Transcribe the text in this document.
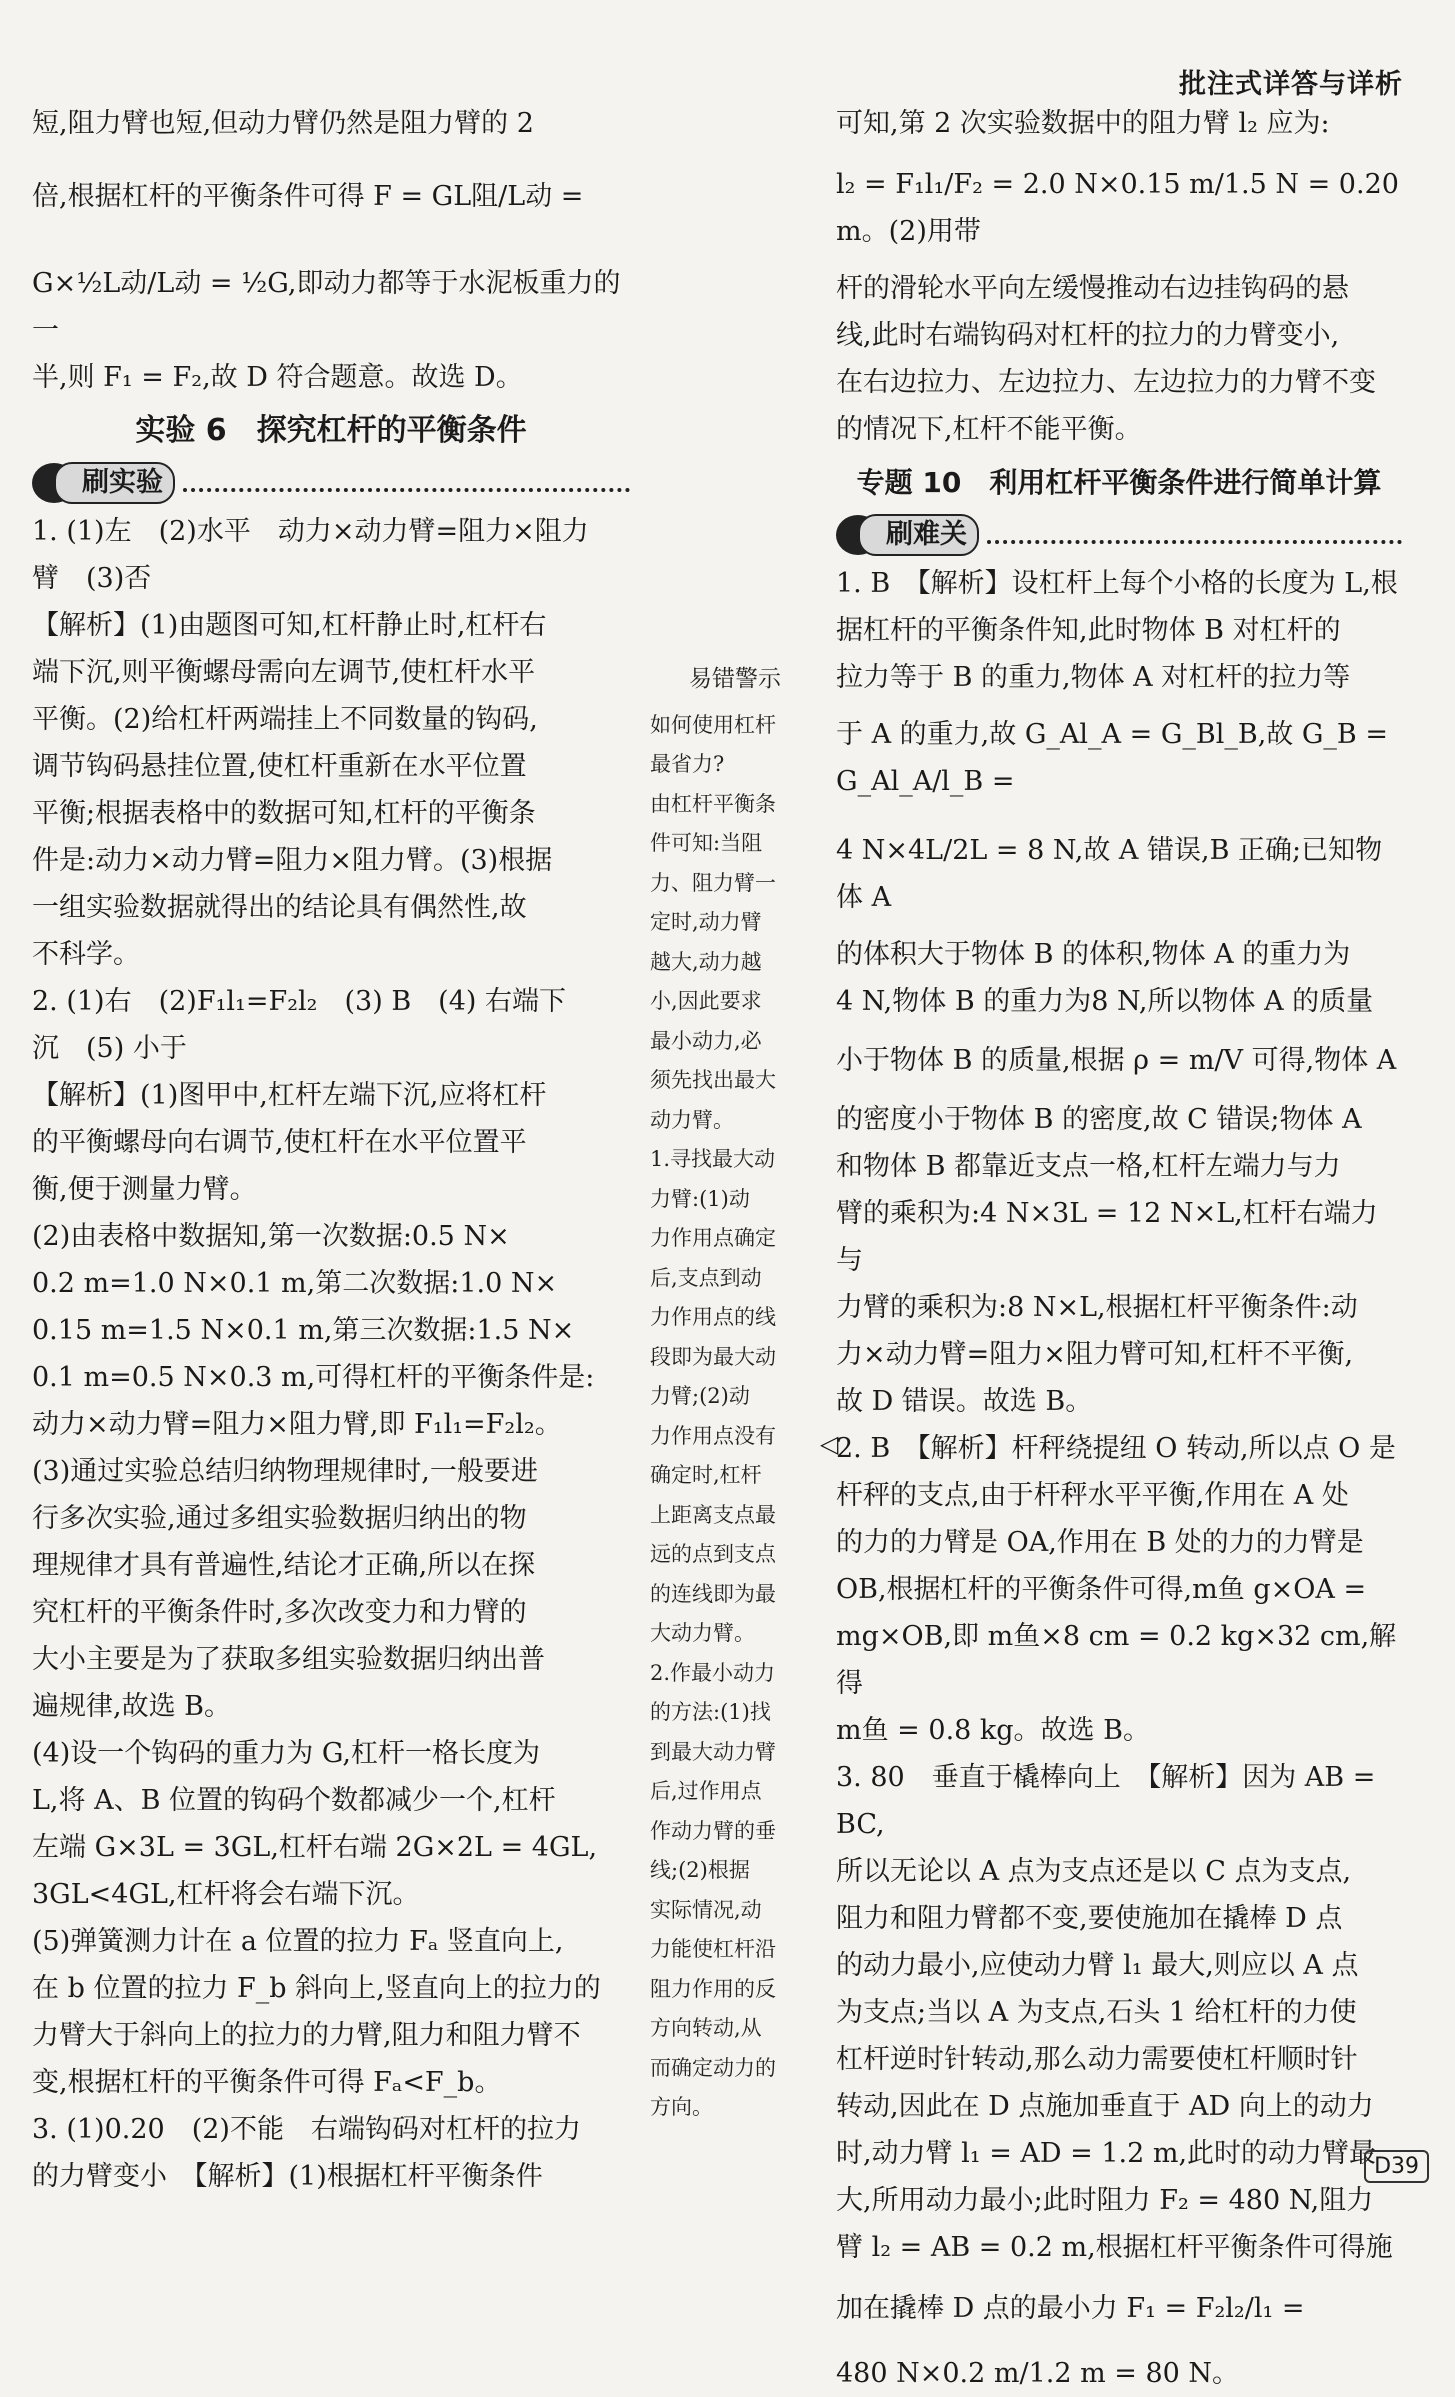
批注式详答与详析

短,阻力臂也短,但动力臂仍然是阻力臂的 2

倍,根据杠杆的平衡条件可得 F = GL阻/L动 =

G×½L动/L动 = ½G,即动力都等于水泥板重力的一

半,则 F₁ = F₂,故 D 符合题意。故选 D。

实验 6　探究杠杆的平衡条件

刷实验

1. (1)左　(2)水平　动力×动力臂=阻力×阻力

臂　(3)否

【解析】(1)由题图可知,杠杆静止时,杠杆右

端下沉,则平衡螺母需向左调节,使杠杆水平

平衡。(2)给杠杆两端挂上不同数量的钩码,

调节钩码悬挂位置,使杠杆重新在水平位置

平衡;根据表格中的数据可知,杠杆的平衡条

件是:动力×动力臂=阻力×阻力臂。(3)根据

一组实验数据就得出的结论具有偶然性,故

不科学。

2. (1)右　(2)F₁l₁=F₂l₂　(3) B　(4) 右端下

沉　(5) 小于

【解析】(1)图甲中,杠杆左端下沉,应将杠杆

的平衡螺母向右调节,使杠杆在水平位置平

衡,便于测量力臂。

(2)由表格中数据知,第一次数据:0.5 N×

0.2 m=1.0 N×0.1 m,第二次数据:1.0 N×

0.15 m=1.5 N×0.1 m,第三次数据:1.5 N×

0.1 m=0.5 N×0.3 m,可得杠杆的平衡条件是:

动力×动力臂=阻力×阻力臂,即 F₁l₁=F₂l₂。

(3)通过实验总结归纳物理规律时,一般要进

行多次实验,通过多组实验数据归纳出的物

理规律才具有普遍性,结论才正确,所以在探

究杠杆的平衡条件时,多次改变力和力臂的

大小主要是为了获取多组实验数据归纳出普

遍规律,故选 B。

(4)设一个钩码的重力为 G,杠杆一格长度为

L,将 A、B 位置的钩码个数都减少一个,杠杆

左端 G×3L = 3GL,杠杆右端 2G×2L = 4GL,

3GL<4GL,杠杆将会右端下沉。

(5)弹簧测力计在 a 位置的拉力 Fₐ 竖直向上,

在 b 位置的拉力 F_b 斜向上,竖直向上的拉力的

力臂大于斜向上的拉力的力臂,阻力和阻力臂不

变,根据杠杆的平衡条件可得 Fₐ<F_b。

3. (1)0.20　(2)不能　右端钩码对杠杆的拉力

的力臂变小　【解析】(1)根据杠杆平衡条件

易错警示

如何使用杠杆

最省力?

由杠杆平衡条

件可知:当阻

力、阻力臂一

定时,动力臂

越大,动力越

小,因此要求

最小动力,必

须先找出最大

动力臂。

1.寻找最大动

力臂:(1)动

力作用点确定

后,支点到动

力作用点的线

段即为最大动

力臂;(2)动

力作用点没有

确定时,杠杆

上距离支点最

远的点到支点

的连线即为最

大动力臂。

2.作最小动力

的方法:(1)找

到最大动力臂

后,过作用点

作动力臂的垂

线;(2)根据

实际情况,动

力能使杠杆沿

阻力作用的反

方向转动,从

而确定动力的

方向。

可知,第 2 次实验数据中的阻力臂 l₂ 应为:

l₂ = F₁l₁/F₂ = 2.0 N×0.15 m/1.5 N = 0.20 m。(2)用带

杆的滑轮水平向左缓慢推动右边挂钩码的悬

线,此时右端钩码对杠杆的拉力的力臂变小,

在右边拉力、左边拉力、左边拉力的力臂不变

的情况下,杠杆不能平衡。

专题 10　利用杠杆平衡条件进行简单计算

刷难关

1. B　【解析】设杠杆上每个小格的长度为 L,根

据杠杆的平衡条件知,此时物体 B 对杠杆的

拉力等于 B 的重力,物体 A 对杠杆的拉力等

于 A 的重力,故 G_Al_A = G_Bl_B,故 G_B = G_Al_A/l_B =

4 N×4L/2L = 8 N,故 A 错误,B 正确;已知物体 A

的体积大于物体 B 的体积,物体 A 的重力为

4 N,物体 B 的重力为8 N,所以物体 A 的质量

小于物体 B 的质量,根据 ρ = m/V 可得,物体 A

的密度小于物体 B 的密度,故 C 错误;物体 A

和物体 B 都靠近支点一格,杠杆左端力与力

臂的乘积为:4 N×3L = 12 N×L,杠杆右端力与

力臂的乘积为:8 N×L,根据杠杆平衡条件:动

力×动力臂=阻力×阻力臂可知,杠杆不平衡,

故 D 错误。故选 B。

2. B　【解析】杆秤绕提纽 O 转动,所以点 O 是

杆秤的支点,由于杆秤水平平衡,作用在 A 处

的力的力臂是 OA,作用在 B 处的力的力臂是

OB,根据杠杆的平衡条件可得,m鱼 g×OA =

mg×OB,即 m鱼×8 cm = 0.2 kg×32 cm,解得

m鱼 = 0.8 kg。故选 B。

3. 80　垂直于橇棒向上　【解析】因为 AB = BC,

所以无论以 A 点为支点还是以 C 点为支点,

阻力和阻力臂都不变,要使施加在撬棒 D 点

的动力最小,应使动力臂 l₁ 最大,则应以 A 点

为支点;当以 A 为支点,石头 1 给杠杆的力使

杠杆逆时针转动,那么动力需要使杠杆顺时针

转动,因此在 D 点施加垂直于 AD 向上的动力

时,动力臂 l₁ = AD = 1.2 m,此时的动力臂最

大,所用动力最小;此时阻力 F₂ = 480 N,阻力

臂 l₂ = AB = 0.2 m,根据杠杆平衡条件可得施

加在撬棒 D 点的最小力 F₁ = F₂l₂/l₁ =

480 N×0.2 m/1.2 m = 80 N。

◁
D39
